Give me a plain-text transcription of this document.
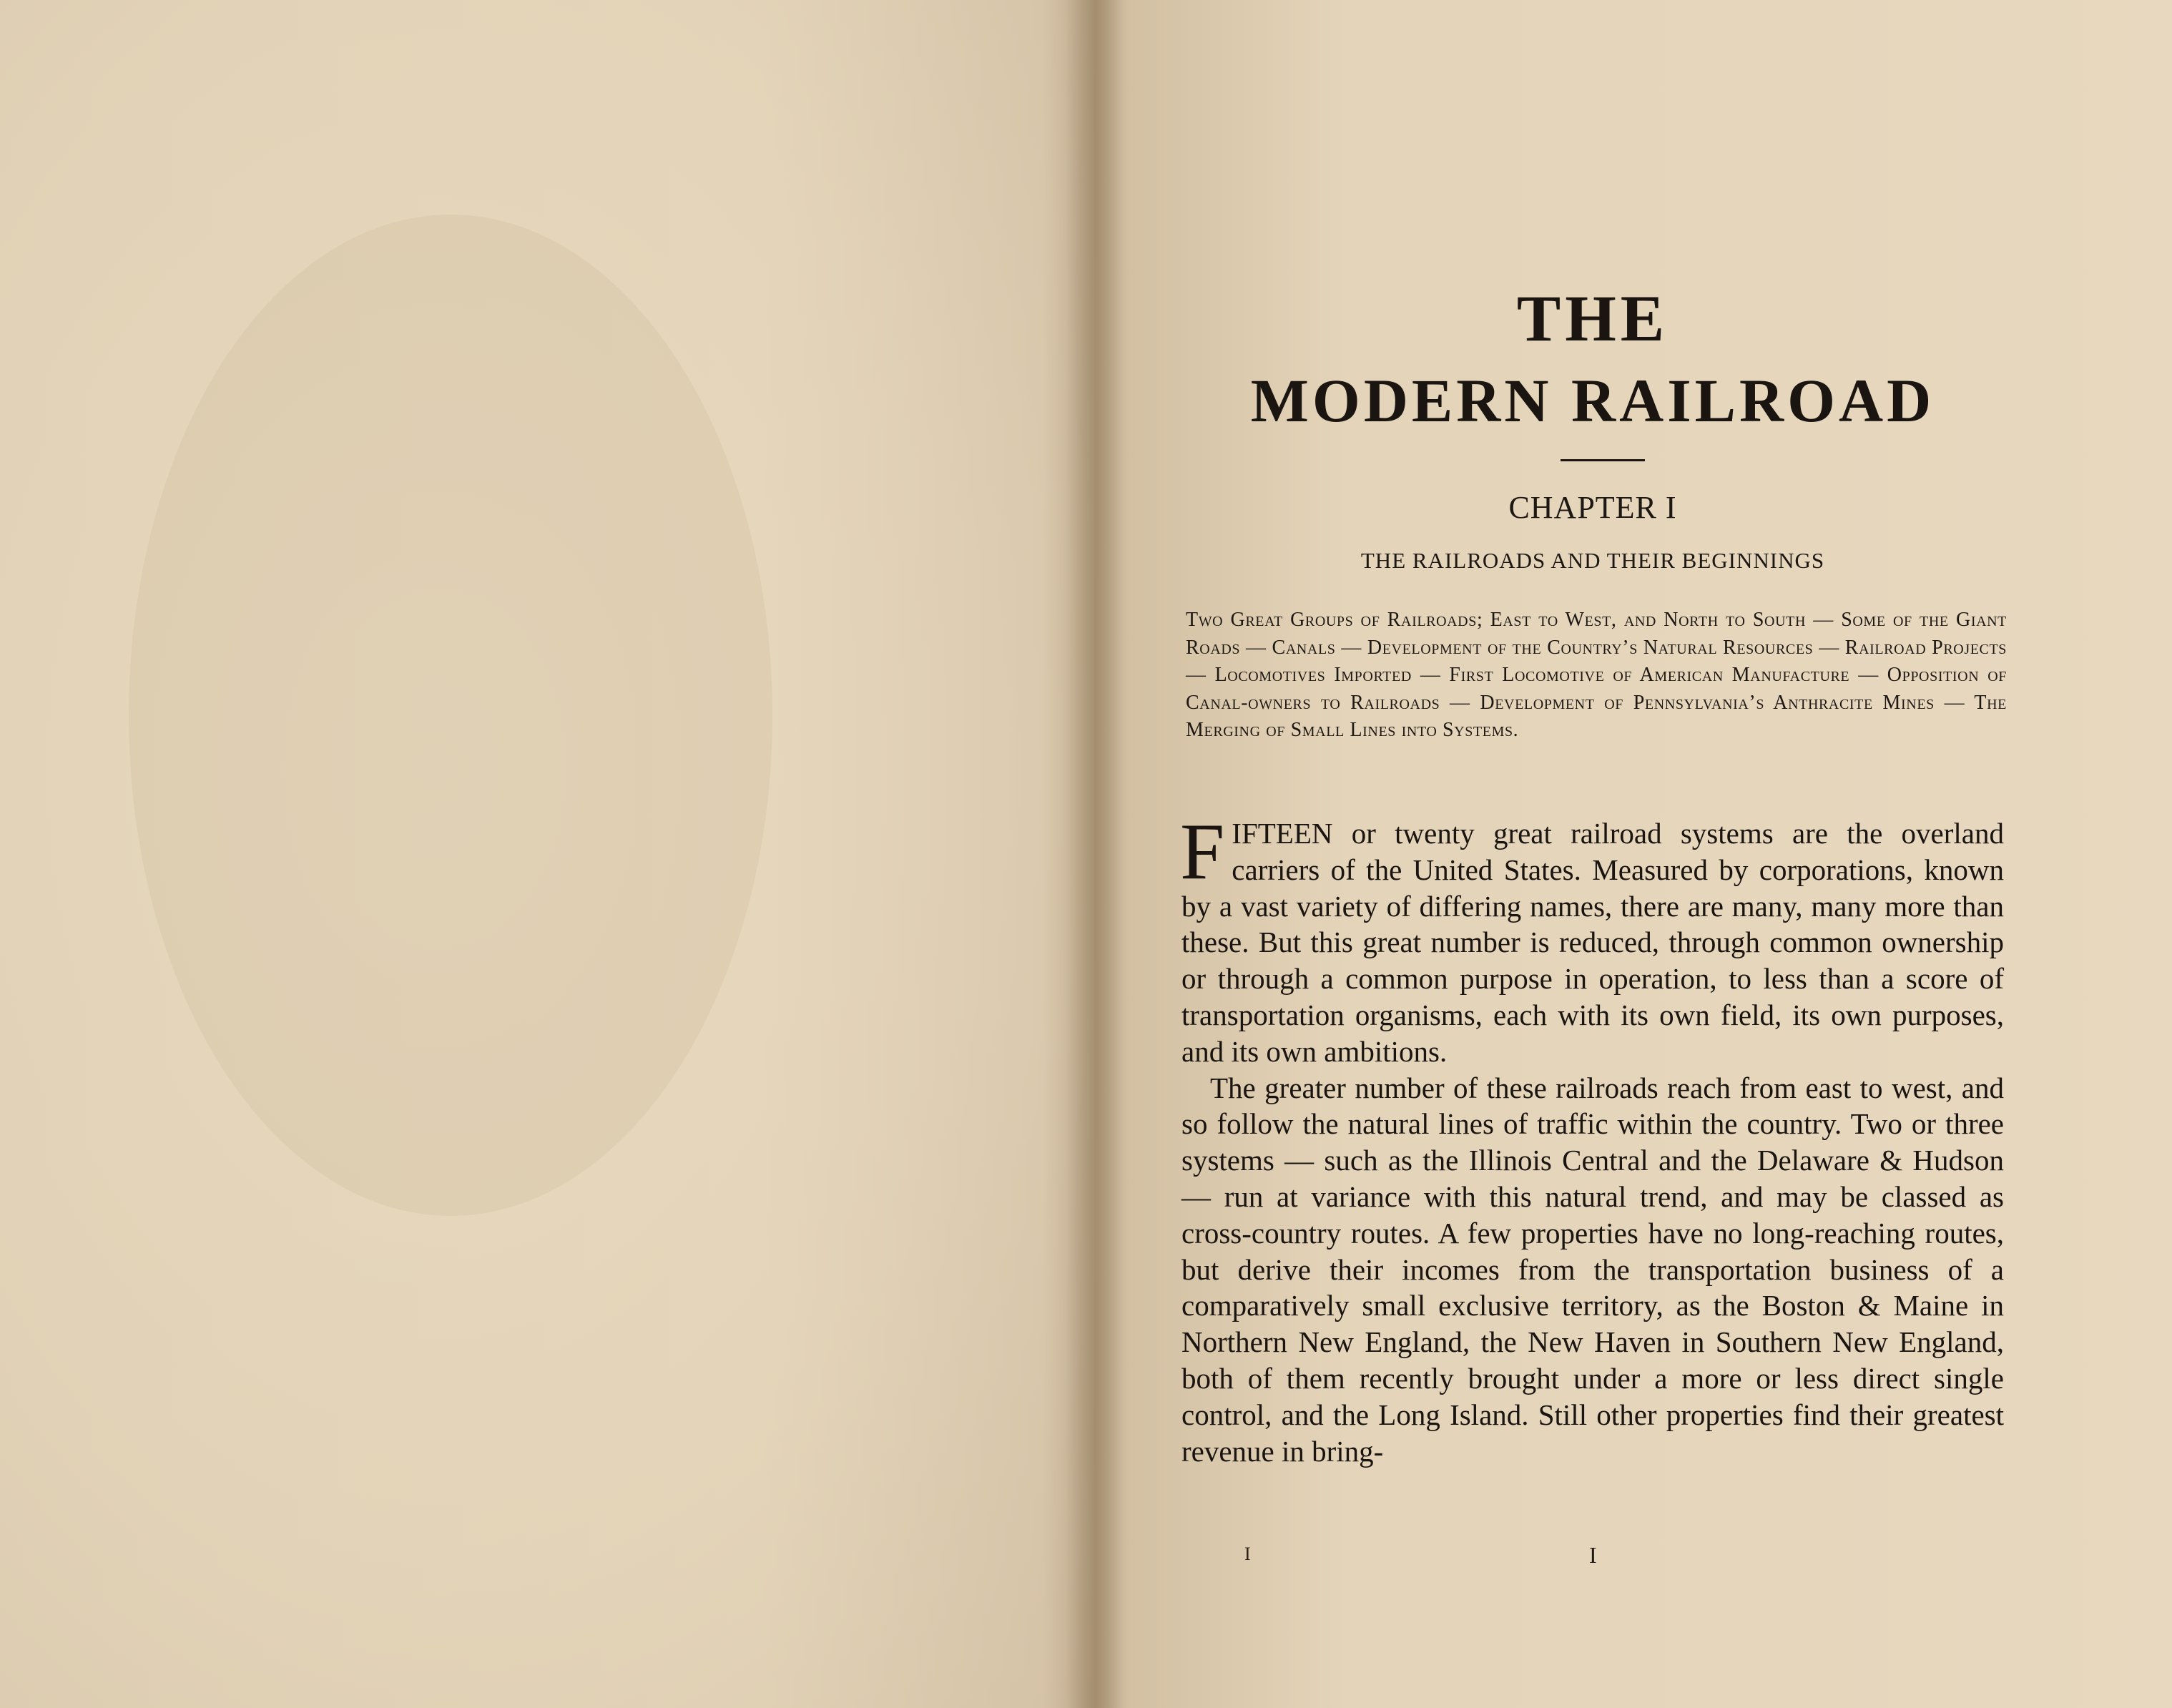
THE
MODERN RAILROAD
CHAPTER I
THE RAILROADS AND THEIR BEGINNINGS

Two Great Groups of Railroads; East to West, and North to South — Some of the Giant Roads — Canals — Development of the Country’s Natural Resources — Railroad Projects — Locomotives Imported — First Locomotive of American Manufacture — Opposition of Canal-owners to Railroads — Development of Pennsylvania’s Anthracite Mines — The Merging of Small Lines into Systems.

FIFTEEN or twenty great railroad systems are the overland carriers of the United States. Measured by corporations, known by a vast variety of differing names, there are many, many more than these. But this great number is reduced, through common ownership or through a common purpose in operation, to less than a score of transportation organisms, each with its own field, its own purposes, and its own ambitions.

The greater number of these railroads reach from east to west, and so follow the natural lines of traffic within the country. Two or three systems — such as the Illinois Central and the Delaware & Hudson — run at variance with this natural trend, and may be classed as cross-country routes. A few properties have no long-reaching routes, but derive their incomes from the transportation business of a comparatively small exclusive territory, as the Boston & Maine in Northern New England, the New Haven in Southern New England, both of them recently brought under a more or less direct single control, and the Long Island. Still other properties find their greatest revenue in bring-

I	I
